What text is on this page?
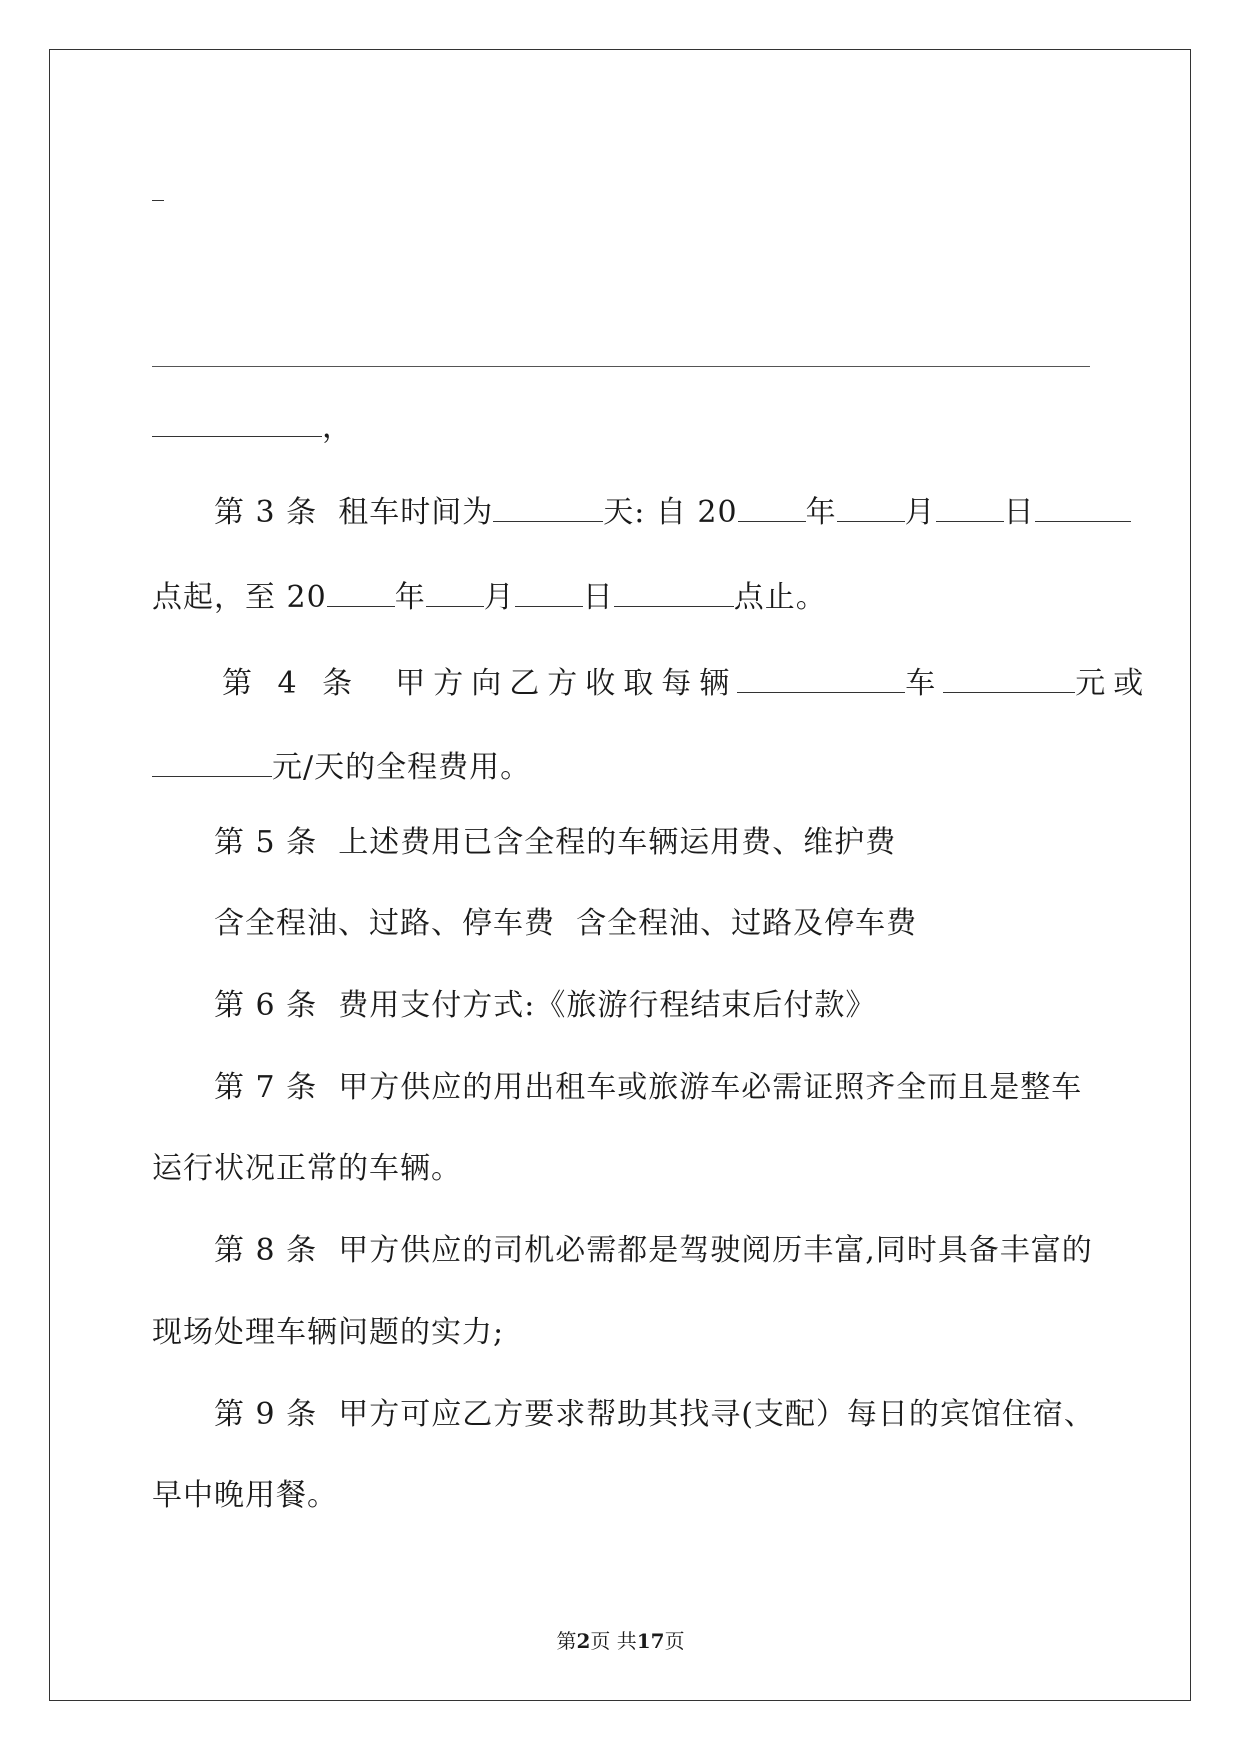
，
第 3 条  租车时间为	天: 自 20 年 月 日
点起，至 20 年 月 日	点止。
第 4 条  甲方向乙方收取每辆	车	元或
元/天的全程费用。
第 5 条  上述费用已含全程的车辆运用费、维护费
含全程油、过路、停车费  含全程油、过路及停车费
第 6 条  费用支付方式:《旅游行程结束后付款》
第 7 条  甲方供应的用出租车或旅游车必需证照齐全而且是整车
运行状况正常的车辆。
第 8 条  甲方供应的司机必需都是驾驶阅历丰富,同时具备丰富的
现场处理车辆问题的实力;
第 9 条  甲方可应乙方要求帮助其找寻(支配）每日的宾馆住宿、
早中晚用餐。
第2页 共17页
